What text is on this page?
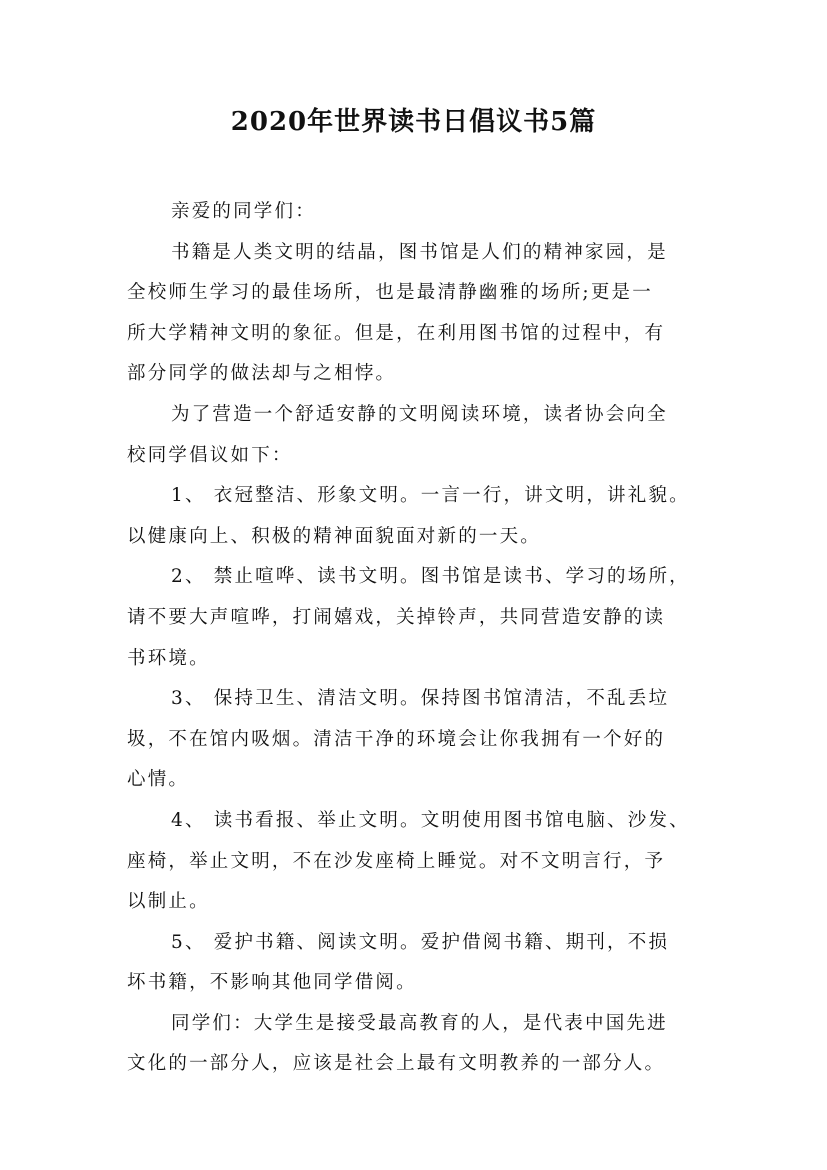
2020年世界读书日倡议书5篇
亲爱的同学们：
书籍是人类文明的结晶，图书馆是人们的精神家园，是
全校师生学习的最佳场所，也是最清静幽雅的场所;更是一
所大学精神文明的象征。但是，在利用图书馆的过程中，有
部分同学的做法却与之相悖。
为了营造一个舒适安静的文明阅读环境，读者协会向全
校同学倡议如下：
1、 衣冠整洁、形象文明。一言一行，讲文明，讲礼貌。
以健康向上、积极的精神面貌面对新的一天。
2、 禁止喧哗、读书文明。图书馆是读书、学习的场所，
请不要大声喧哗，打闹嬉戏，关掉铃声，共同营造安静的读
书环境。
3、 保持卫生、清洁文明。保持图书馆清洁，不乱丢垃
圾，不在馆内吸烟。清洁干净的环境会让你我拥有一个好的
心情。
4、 读书看报、举止文明。文明使用图书馆电脑、沙发、
座椅，举止文明，不在沙发座椅上睡觉。对不文明言行，予
以制止。
5、 爱护书籍、阅读文明。爱护借阅书籍、期刊，不损
坏书籍，不影响其他同学借阅。
同学们：大学生是接受最高教育的人，是代表中国先进
文化的一部分人，应该是社会上最有文明教养的一部分人。
